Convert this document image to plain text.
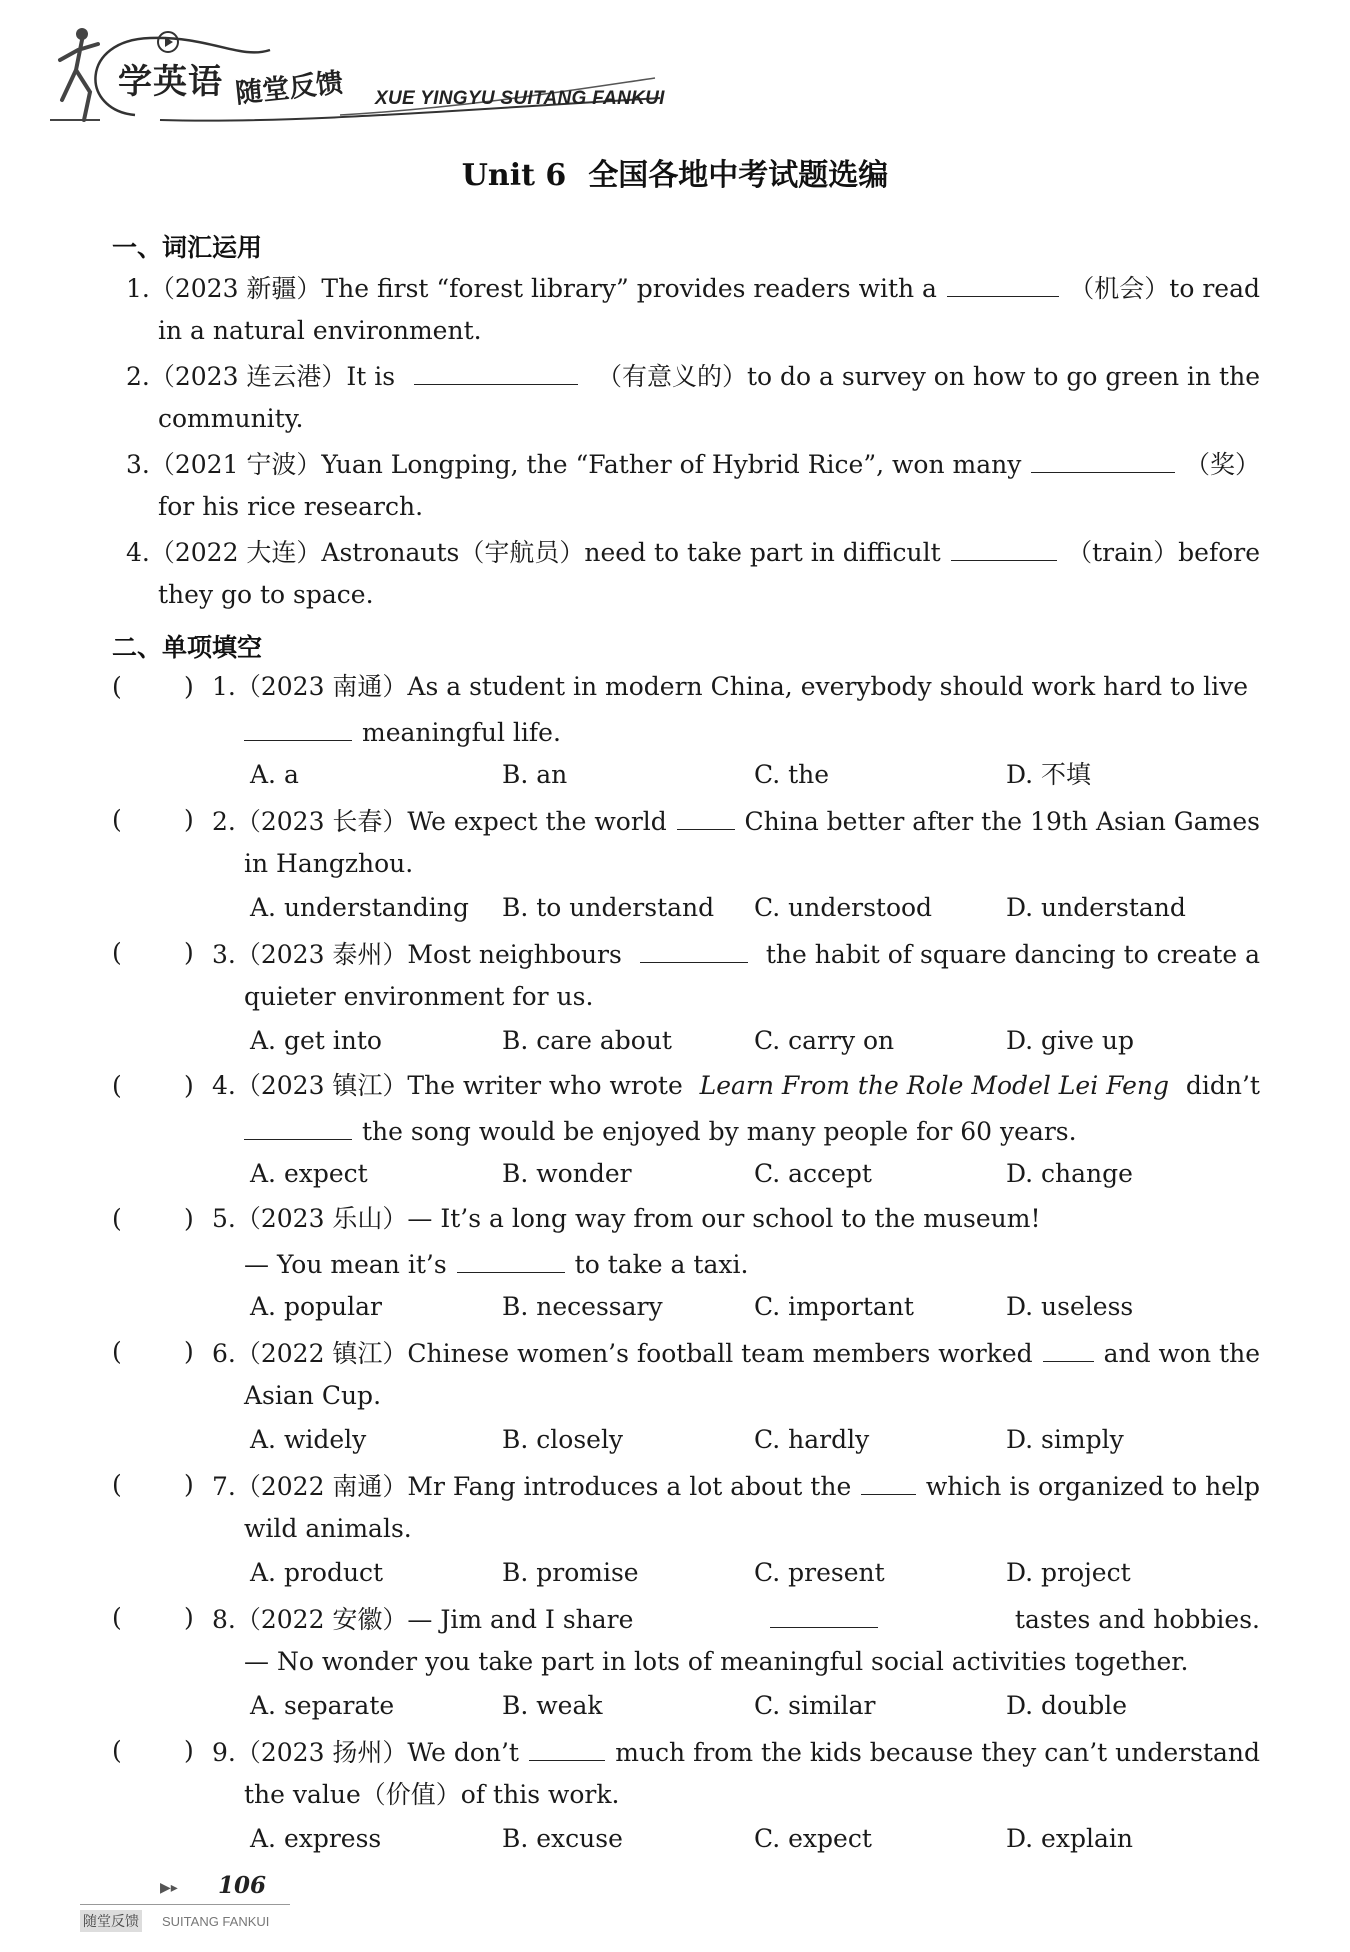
学英语 随堂反馈 XUE YINGYU SUITANG FANKUI
Unit 6 全国各地中考试题选编
一、词汇运用
1.（2023 新疆）The first “forest library” provides readers with a	（机会）to read
in a natural environment.
2.（2023 连云港）It is	（有意义的）to do a survey on how to go green in the
community.
3.（2021 宁波）Yuan Longping, the “Father of Hybrid Rice”, won many	（奖）
for his rice research.
4.（2022 大连）Astronauts（宇航员）need to take part in difficult	（train）before
they go to space.
二、单项填空
( ) 1.（2023 南通）As a student in modern China, everybody should work hard to live
meaningful life.
A. a	B. an	C. the	D. 不填
( ) 2.（2023 长春）We expect the world	China better after the 19th Asian Games
in Hangzhou.
A. understanding B. to understand C. understood	D. understand
( ) 3.（2023 泰州）Most neighbours	the habit of square dancing to create a
quieter environment for us.
A. get into	B. care about	C. carry on	D. give up
( ) 4.（2023 镇江）The writer who wrote Learn From the Role Model Lei Feng didn’t
the song would be enjoyed by many people for 60 years.
A. expect	B. wonder	C. accept	D. change
( ) 5.（2023 乐山）— It’s a long way from our school to the museum!
— You mean it’s	to take a taxi.
A. popular	B. necessary	C. important	D. useless
( ) 6.（2022 镇江）Chinese women’s football team members worked	and won the
Asian Cup.
A. widely	B. closely	C. hardly	D. simply
( ) 7.（2022 南通）Mr Fang introduces a lot about the	which is organized to help
wild animals.
A. product	B. promise	C. present	D. project
( ) 8.（2022 安徽）— Jim and I share	tastes and hobbies.
— No wonder you take part in lots of meaningful social activities together.
A. separate	B. weak	C. similar	D. double
( ) 9.（2023 扬州）We don’t	much from the kids because they can’t understand
the value（价值）of this work.
A. express	B. excuse	C. expect	D. explain
▶▸ 106
随堂反馈 SUITANG FANKUI
